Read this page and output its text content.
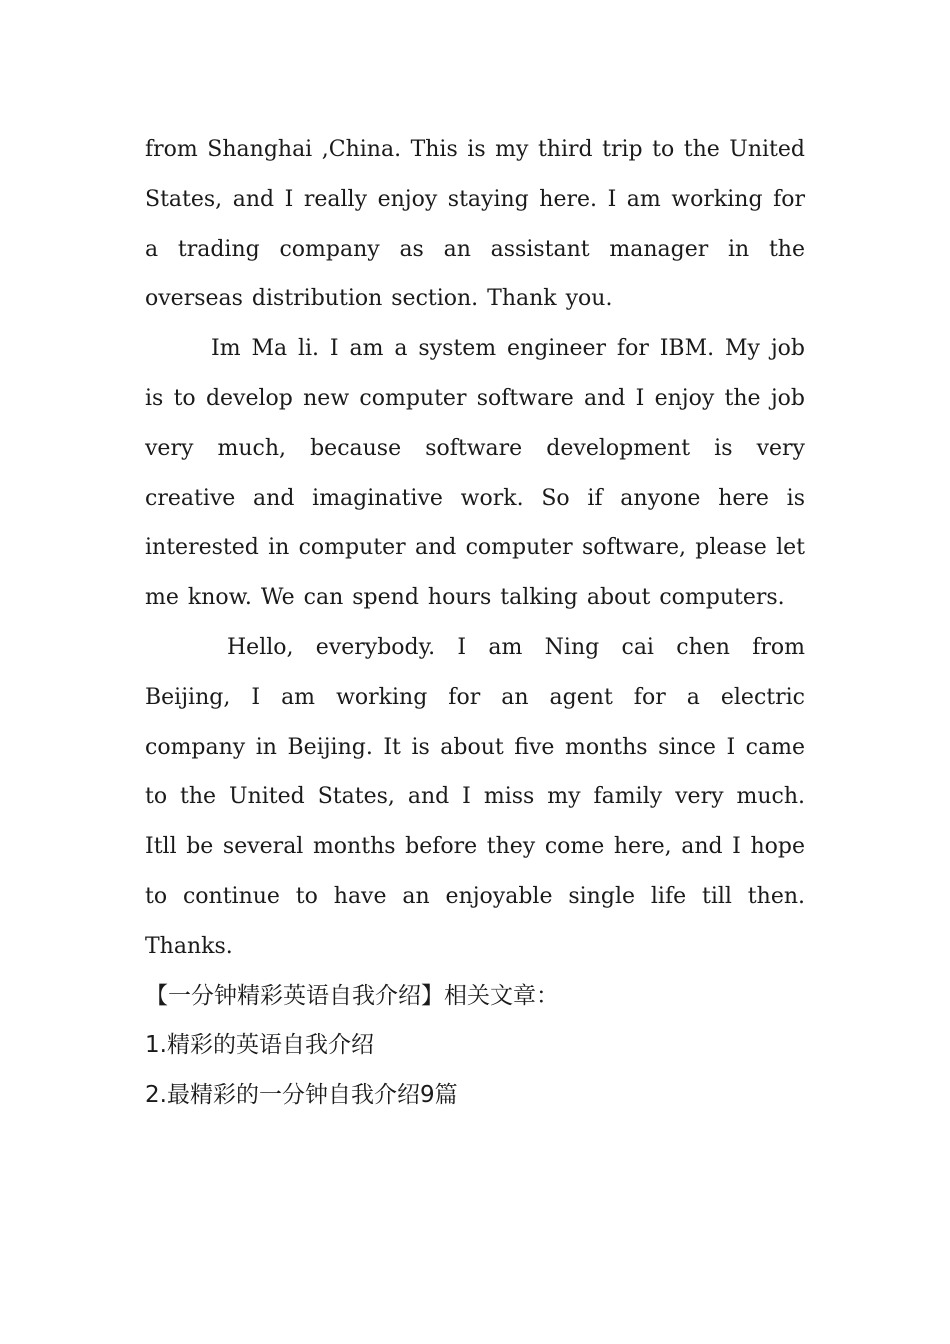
from Shanghai ,China. This is my third trip to the United States, and I really enjoy staying here. I am working for a trading company as an assistant manager in the overseas distribution section. Thank you.

Im Ma li. I am a system engineer for IBM. My job is to develop new computer software and I enjoy the job very much, because software development is very creative and imaginative work. So if anyone here is interested in computer and computer software, please let me know. We can spend hours talking about computers.

Hello, everybody. I am Ning cai chen from Beijing, I am working for an agent for a electric company in Beijing. It is about five months since I came to the United States, and I miss my family very much. Itll be several months before they come here, and I hope to continue to have an enjoyable single life till then. Thanks.

【一分钟精彩英语自我介绍】相关文章：

1.精彩的英语自我介绍

2.最精彩的一分钟自我介绍9篇
